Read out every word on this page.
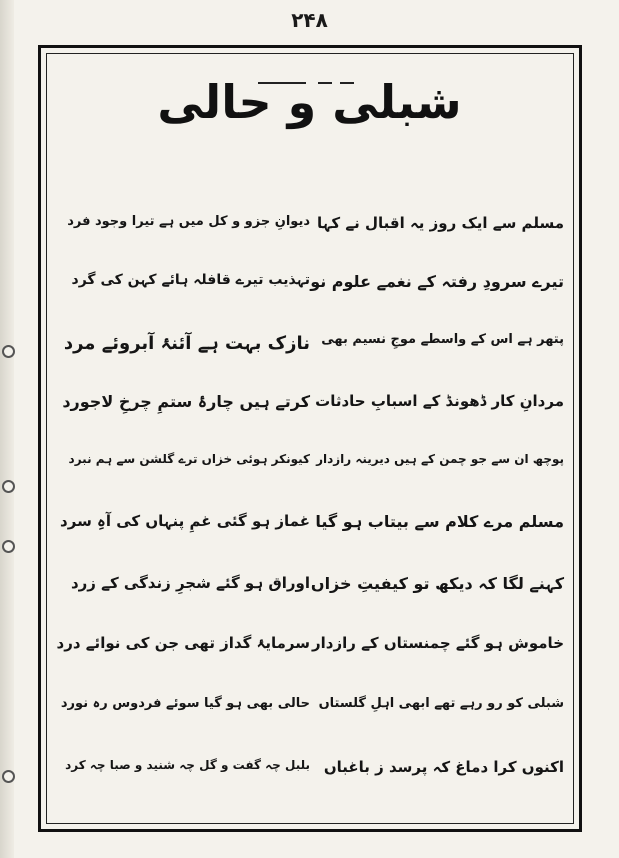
۲۴۸
شبلی و حالی
مسلم سے ایک روز یہ اقبال نے کہا
دیوانِ جزو و کل میں ہے تیرا وجود فرد
تیرے سرودِ رفتہ کے نغمے علوم نو
تہذیب تیرے قافلہ ہائے کہن کی گرد
پتھر ہے اس کے واسطے موجِ نسیم بھی
نازک بہت ہے آئنۂ آبروئے مرد
مردانِ کار ڈھونڈ کے اسبابِ حادثات
کرتے ہیں چارۂ ستمِ چرخِ لاجورد
پوچھ ان سے جو چمن کے ہیں دیرینہ رازدار
کیونکر ہوئی خزاں ترے گلشن سے ہم نبرد
مسلم مرے کلام سے بیتاب ہو گیا
غماز ہو گئی غمِ پنہاں کی آہِ سرد
کہنے لگا کہ دیکھ تو کیفیتِ خزاں
اوراق ہو گئے شجرِ زندگی کے زرد
خاموش ہو گئے چمنستاں کے رازدار
سرمایۂ گداز تھی جن کی نوائے درد
شبلی کو رو رہے تھے ابھی اہلِ گلستاں
حالی بھی ہو گیا سوئے فردوس رہ نورد
اکنوں کرا دماغ کہ پرسد ز باغباں
بلبل چہ گفت و گل چہ شنید و صبا چہ کرد
